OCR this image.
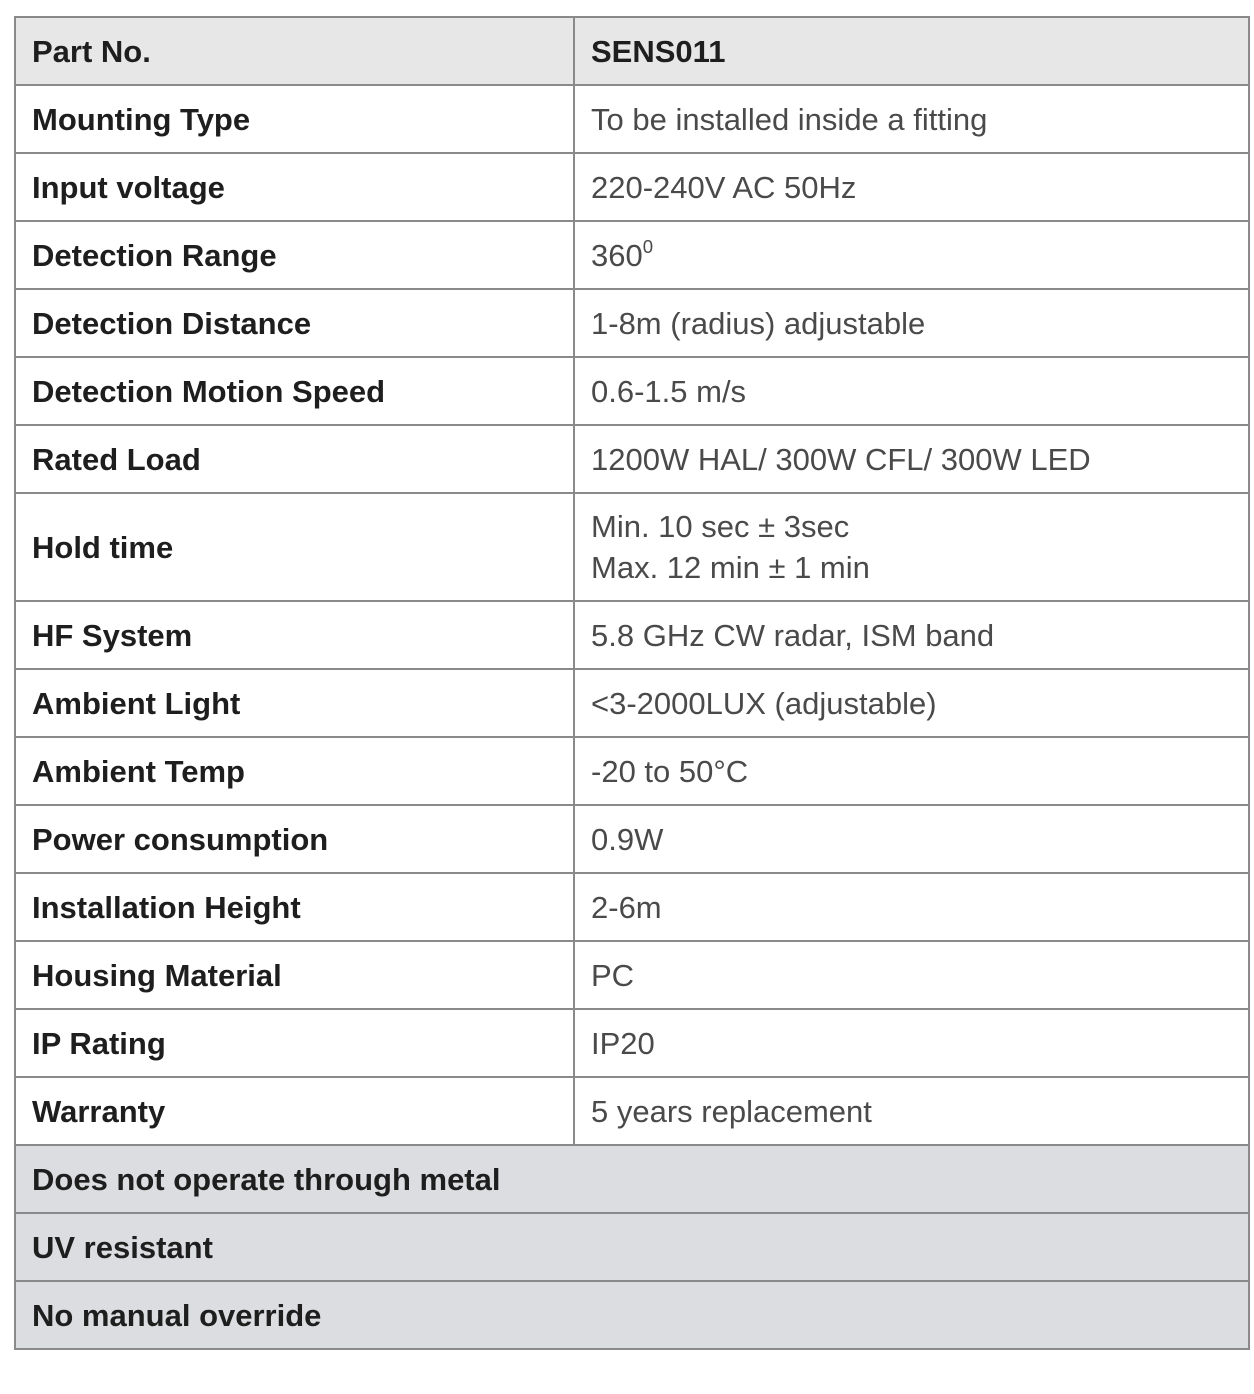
Part No.	SENS011
Mounting Type	To be installed inside a fitting
Input voltage	220-240V AC 50Hz
Detection Range	$360^0$
Detection Distance	1-8m (radius) adjustable
Detection Motion Speed	0.6-1.5 m/s
Rated Load	1200W HAL/ 300W CFL/ 300W LED
Hold time	Min. 10 sec ± 3sec
Max. 12 min ± 1 min

HF System	5.8 GHz CW radar, ISM band
Ambient Light	<3-2000LUX (adjustable)
Ambient Temp	-20 to 50°C
Power consumption	0.9W
Installation Height	2-6m
Housing Material	PC
IP Rating	IP20
Warranty	5 years replacement
Does not operate through metal	
UV resistant	
No manual override	
